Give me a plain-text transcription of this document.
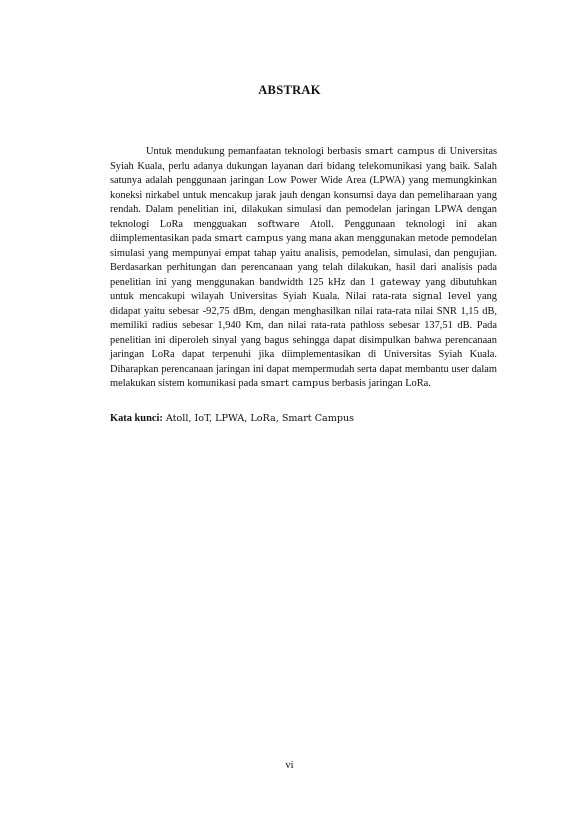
ABSTRAK

Untuk mendukung pemanfaatan teknologi berbasis smart campus di Universitas Syiah Kuala, perlu adanya dukungan layanan dari bidang telekomunikasi yang baik. Salah satunya adalah penggunaan jaringan Low Power Wide Area (LPWA) yang memungkinkan koneksi nirkabel untuk mencakup jarak jauh dengan konsumsi daya dan pemeliharaan yang rendah. Dalam penelitian ini, dilakukan simulasi dan pemodelan jaringan LPWA dengan teknologi LoRa mengguakan software Atoll. Penggunaan teknologi ini akan diimplementasikan pada smart campus yang mana akan menggunakan metode pemodelan simulasi yang mempunyai empat tahap yaitu analisis, pemodelan, simulasi, dan pengujian. Berdasarkan perhitungan dan perencanaan yang telah dilakukan, hasil dari analisis pada penelitian ini yang menggunakan bandwidth 125 kHz dan 1 gateway yang dibutuhkan untuk mencakupi wilayah Universitas Syiah Kuala. Nilai rata-rata signal level yang didapat yaitu sebesar -92,75 dBm, dengan menghasilkan nilai rata-rata nilai SNR 1,15 dB, memiliki radius sebesar 1,940 Km, dan nilai rata-rata pathloss sebesar 137,51 dB. Pada penelitian ini diperoleh sinyal yang bagus sehingga dapat disimpulkan bahwa perencanaan jaringan LoRa dapat terpenuhi jika diimplementasikan di Universitas Syiah Kuala. Diharapkan perencanaan jaringan ini dapat mempermudah serta dapat membantu user dalam melakukan sistem komunikasi pada smart campus berbasis jaringan LoRa.

Kata kunci: Atoll, IoT, LPWA, LoRa, Smart Campus

vi
